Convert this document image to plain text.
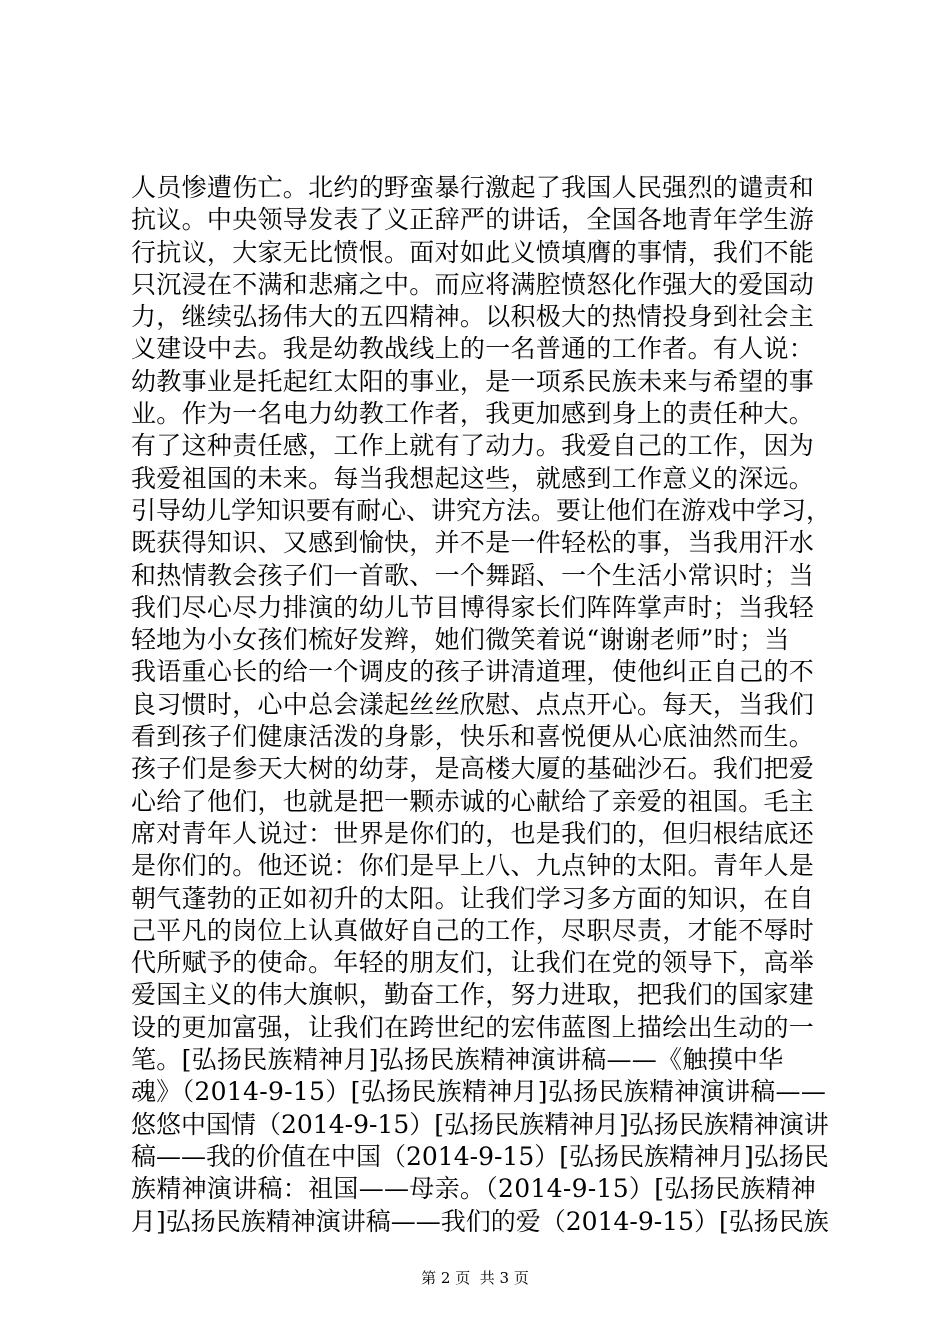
人员惨遭伤亡。北约的野蛮暴行激起了我国人民强烈的谴责和
抗议。中央领导发表了义正辞严的讲话，全国各地青年学生游
行抗议，大家无比愤恨。面对如此义愤填膺的事情，我们不能
只沉浸在不满和悲痛之中。而应将满腔愤怒化作强大的爱国动
力，继续弘扬伟大的五四精神。以积极大的热情投身到社会主
义建设中去。我是幼教战线上的一名普通的工作者。有人说：
幼教事业是托起红太阳的事业，是一项系民族未来与希望的事
业。作为一名电力幼教工作者，我更加感到身上的责任种大。
有了这种责任感，工作上就有了动力。我爱自己的工作，因为
我爱祖国的未来。每当我想起这些，就感到工作意义的深远。
引导幼儿学知识要有耐心、讲究方法。要让他们在游戏中学习，
既获得知识、又感到愉快，并不是一件轻松的事，当我用汗水
和热情教会孩子们一首歌、一个舞蹈、一个生活小常识时；当
我们尽心尽力排演的幼儿节目博得家长们阵阵掌声时；当我轻
轻地为小女孩们梳好发辫，她们微笑着说“谢谢老师”时；当
我语重心长的给一个调皮的孩子讲清道理，使他纠正自己的不
良习惯时，心中总会漾起丝丝欣慰、点点开心。每天，当我们
看到孩子们健康活泼的身影，快乐和喜悦便从心底油然而生。
孩子们是参天大树的幼芽，是高楼大厦的基础沙石。我们把爱
心给了他们，也就是把一颗赤诚的心献给了亲爱的祖国。毛主
席对青年人说过：世界是你们的，也是我们的，但归根结底还
是你们的。他还说：你们是早上八、九点钟的太阳。青年人是
朝气蓬勃的正如初升的太阳。让我们学习多方面的知识，在自
己平凡的岗位上认真做好自己的工作，尽职尽责，才能不辱时
代所赋予的使命。年轻的朋友们，让我们在党的领导下，高举
爱国主义的伟大旗帜，勤奋工作，努力进取，把我们的国家建
设的更加富强，让我们在跨世纪的宏伟蓝图上描绘出生动的一
笔。[弘扬民族精神月]弘扬民族精神演讲稿——《触摸中华
魂》（2014-9-15）[弘扬民族精神月]弘扬民族精神演讲稿——
悠悠中国情（2014-9-15）[弘扬民族精神月]弘扬民族精神演讲
稿——我的价值在中国（2014-9-15）[弘扬民族精神月]弘扬民
族精神演讲稿：祖国——母亲。（2014-9-15）[弘扬民族精神
月]弘扬民族精神演讲稿——我们的爱（2014-9-15）[弘扬民族
第 2 页  共 3 页
